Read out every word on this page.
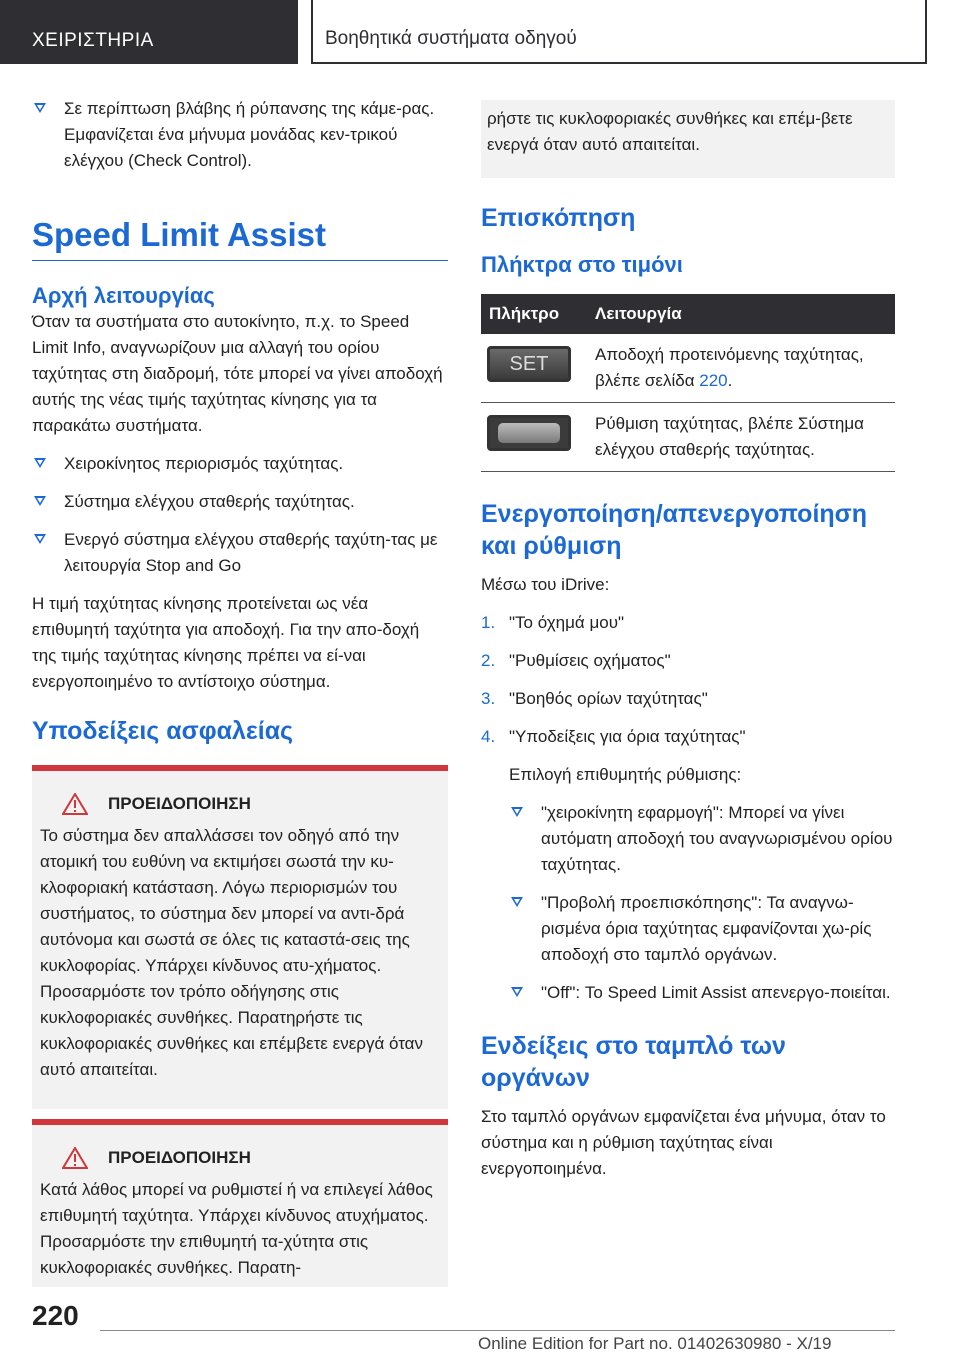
ΧΕΙΡΙΣΤΗΡΙΑ	Βοηθητικά συστήματα οδηγού
Σε περίπτωση βλάβης ή ρύπανσης της κάμε-ρας. Εμφανίζεται ένα μήνυμα μονάδας κεν-τρικού ελέγχου (Check Control).
Speed Limit Assist
Αρχή λειτουργίας

Όταν τα συστήματα στο αυτοκίνητο, π.χ. το Speed Limit Info, αναγνωρίζουν μια αλλαγή του ορίου ταχύτητας στη διαδρομή, τότε μπορεί να γίνει αποδοχή αυτής της νέας τιμής ταχύτητας κίνησης για τα παρακάτω συστήματα.

Χειροκίνητος περιορισμός ταχύτητας.
Σύστημα ελέγχου σταθερής ταχύτητας.
Ενεργό σύστημα ελέγχου σταθερής ταχύτη-τας με λειτουργία Stop and Go

Η τιμή ταχύτητας κίνησης προτείνεται ως νέα επιθυμητή ταχύτητα για αποδοχή. Για την απο-δοχή της τιμής ταχύτητας κίνησης πρέπει να εί-ναι ενεργοποιημένο το αντίστοιχο σύστημα.

Υποδείξεις ασφαλείας
ΠΡΟΕΙΔΟΠΟΙΗΣΗ

Το σύστημα δεν απαλλάσσει τον οδηγό από την ατομική του ευθύνη να εκτιμήσει σωστά την κυ-κλοφοριακή κατάσταση. Λόγω περιορισμών του συστήματος, το σύστημα δεν μπορεί να αντι-δρά αυτόνομα και σωστά σε όλες τις καταστά-σεις της κυκλοφορίας. Υπάρχει κίνδυνος ατυ-χήματος. Προσαρμόστε τον τρόπο οδήγησης στις κυκλοφοριακές συνθήκες. Παρατηρήστε τις κυκλοφοριακές συνθήκες και επέμβετε ενεργά όταν αυτό απαιτείται.

ΠΡΟΕΙΔΟΠΟΙΗΣΗ

Κατά λάθος μπορεί να ρυθμιστεί ή να επιλεγεί λάθος επιθυμητή ταχύτητα. Υπάρχει κίνδυνος ατυχήματος. Προσαρμόστε την επιθυμητή τα-χύτητα στις κυκλοφοριακές συνθήκες. Παρατη-

ρήστε τις κυκλοφοριακές συνθήκες και επέμ-βετε ενεργά όταν αυτό απαιτείται.

Επισκόπηση
Πλήκτρα στο τιμόνι
Πλήκτρο	Λειτουργία

SET	Αποδοχή προτεινόμενης ταχύτητας, βλέπε σελίδα 220.

	Ρύθμιση ταχύτητας, βλέπε Σύστημα ελέγχου σταθερής ταχύτητας.
Ενεργοποίηση/απενεργοποίηση και ρύθμιση

Μέσω του iDrive:

1. "Το όχημά μου"
2. "Ρυθμίσεις οχήματος"
3. "Βοηθός ορίων ταχύτητας"
4. "Υποδείξεις για όρια ταχύτητας"

Επιλογή επιθυμητής ρύθμισης:

"χειροκίνητη εφαρμογή": Μπορεί να γίνει αυτόματη αποδοχή του αναγνωρισμένου ορίου ταχύτητας.
"Προβολή προεπισκόπησης": Τα αναγνω-ρισμένα όρια ταχύτητας εμφανίζονται χω-ρίς αποδοχή στο ταμπλό οργάνων.
"Off": Το Speed Limit Assist απενεργο-ποιείται.
Ενδείξεις στο ταμπλό των οργάνων

Στο ταμπλό οργάνων εμφανίζεται ένα μήνυμα, όταν το σύστημα και η ρύθμιση ταχύτητας είναι ενεργοποιημένα.

220
Online Edition for Part no. 01402630980 - X/19
